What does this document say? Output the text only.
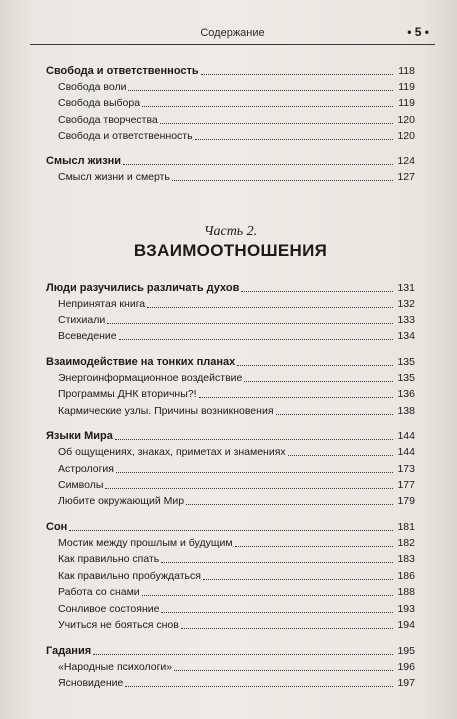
Содержание	• 5 •
Часть 2.
ВЗАИМООТНОШЕНИЯ
Свобода и ответственность	118
Свобода воли	119
Свобода выбора	119
Свобода творчества	120
Свобода и ответственность	120
Смысл жизни	124
Смысл жизни и смерть	127
Люди разучились различать духов	131
Непринятая книга	132
Стихиали	133
Всеведение	134
Взаимодействие на тонких планах	135
Энергоинформационное воздействие	135
Программы ДНК вторичны?!	136
Кармические узлы. Причины возникновения	138
Языки Мира	144
Об ощущениях, знаках, приметах и знамениях	144
Астрология	173
Символы	177
Любите окружающий Мир	179
Сон	181
Мостик между прошлым и будущим	182
Как правильно спать	183
Как правильно пробуждаться	186
Работа со снами	188
Сонливое состояние	193
Учиться не бояться снов	194
Гадания	195
«Народные психологи»	196
Ясновидение	197
